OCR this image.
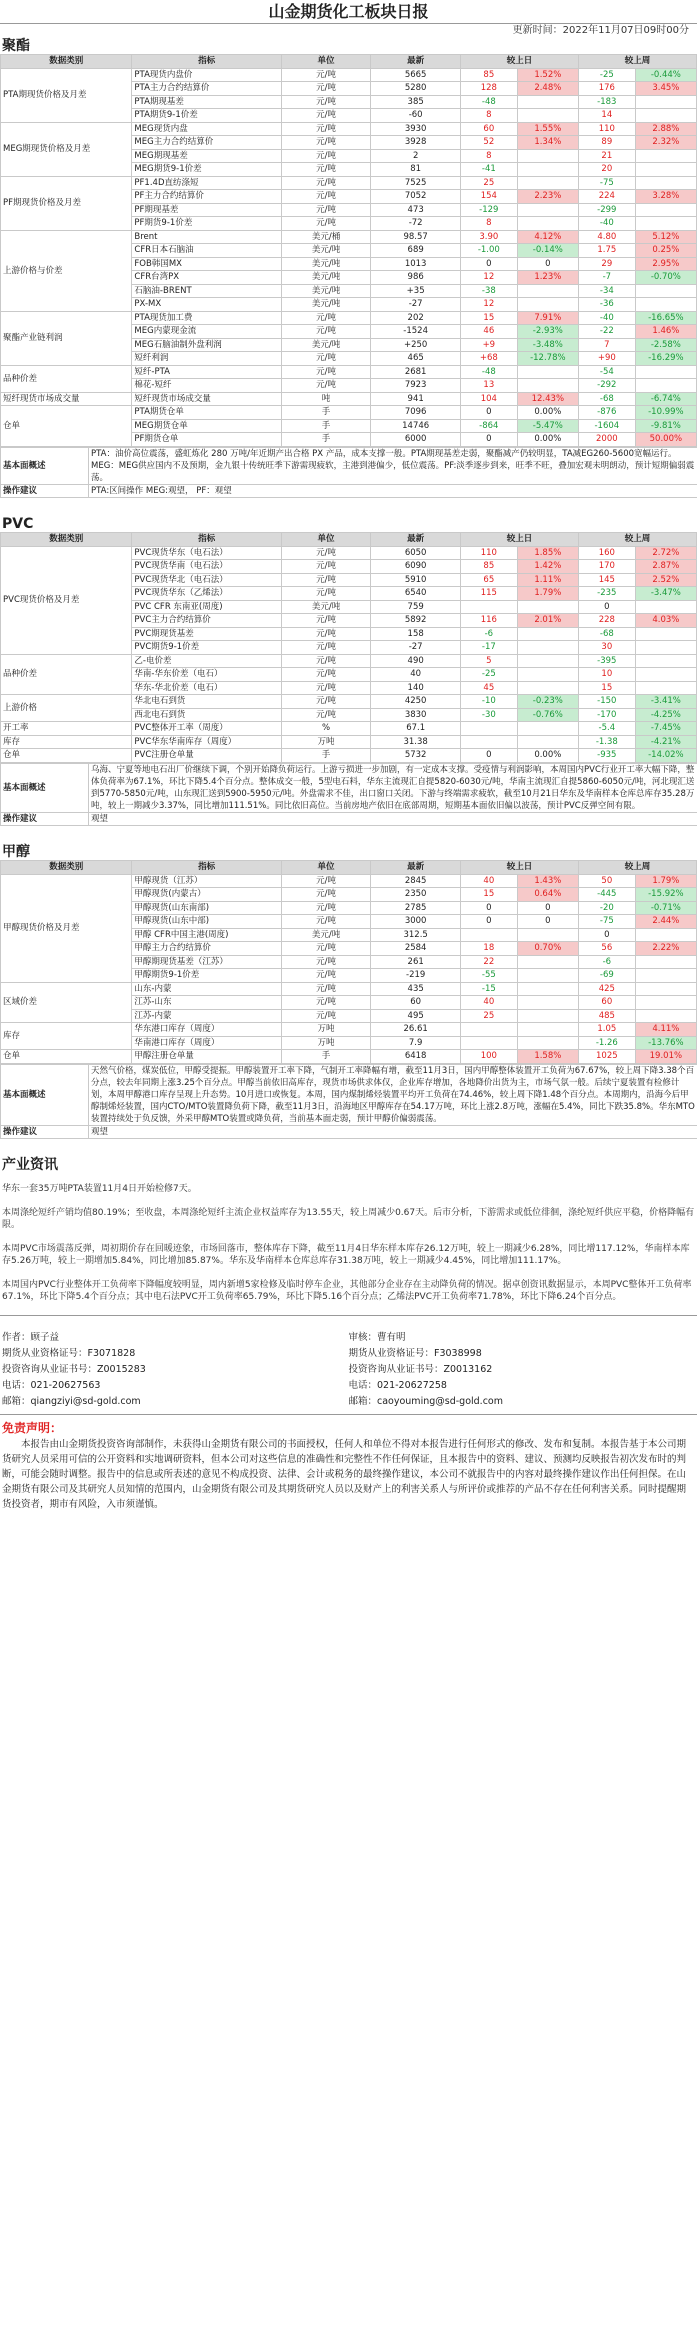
山金期货化工板块日报
更新时间：2022年11月07日09时00分
聚酯
数据类别	指标	单位	最新	较上日		较上周	
PTA期现货价格及月差	PTA现货内盘价	元/吨	5665	85	1.52%	-25	-0.44%
	PTA主力合约结算价	元/吨	5280	128	2.48%	176	3.45%
	PTA期现基差	元/吨	385	-48		-183	
	PTA期货9-1价差	元/吨	-60	8		14	
MEG期现货价格及月差	MEG现货内盘	元/吨	3930	60	1.55%	110	2.88%
	MEG主力合约结算价	元/吨	3928	52	1.34%	89	2.32%
	MEG期现基差	元/吨	2	8		21	
	MEG期货9-1价差	元/吨	81	-41		20	
PF期现货价格及月差	PF1.4D直纺涤短	元/吨	7525	25		-75	
	PF主力合约结算价	元/吨	7052	154	2.23%	224	3.28%
	PF期现基差	元/吨	473	-129		-299	
	PF期货9-1价差	元/吨	-72	8		-40	
上游价格与价差	Brent	美元/桶	98.57	3.90	4.12%	4.80	5.12%
	CFR日本石脑油	美元/吨	689	-1.00	-0.14%	1.75	0.25%
	FOB韩国MX	美元/吨	1013	0	0	29	2.95%
	CFR台湾PX	美元/吨	986	12	1.23%	-7	-0.70%
	石脑油-BRENT	美元/吨	+35	-38		-34	
	PX-MX	美元/吨	-27	12		-36	
聚酯产业链利润	PTA现货加工费	元/吨	202	15	7.91%	-40	-16.65%
	MEG内蒙现金流	元/吨	-1524	46	-2.93%	-22	1.46%
	MEG石脑油制外盘利润	美元/吨	+250	+9	-3.48%	7	-2.58%
	短纤利润	元/吨	465	+68	-12.78%	+90	-16.29%
品种价差	短纤-PTA	元/吨	2681	-48		-54	
	棉花-短纤	元/吨	7923	13		-292	
短纤现货市场成交量	短纤现货市场成交量	吨	941	104	12.43%	-68	-6.74%
仓单	PTA期货仓单	手	7096	0	0.00%	-876	-10.99%
	MEG期货仓单	手	14746	-864	-5.47%	-1604	-9.81%
	PF期货仓单	手	6000	0	0.00%	2000	50.00%
基本面概述	PTA：油价高位震荡，盛虹炼化 280 万吨/年近期产出合格 PX 产品，成本支撑一般。PTA期现基差走弱，聚酯减产仍较明显，TA减EG260-5600宽幅运行。MEG：MEG供应国内不及预期，金九银十传统旺季下游需现疲软，主港到港偏少，低位震荡。PF:淡季逐步到来，旺季不旺，叠加宏观未明朗动，预计短期偏弱震荡。
操作建议	PTA:区间操作 MEG:观望， PF：观望
PVC
数据类别	指标	单位	最新	较上日		较上周	
PVC现货价格及月差	PVC现货华东（电石法）	元/吨	6050	110	1.85%	160	2.72%
	PVC现货华南（电石法）	元/吨	6090	85	1.42%	170	2.87%
	PVC现货华北（电石法）	元/吨	5910	65	1.11%	145	2.52%
	PVC现货华东（乙烯法）	元/吨	6540	115	1.79%	-235	-3.47%
	PVC CFR 东南亚(周度)	美元/吨	759			0	
	PVC主力合约结算价	元/吨	5892	116	2.01%	228	4.03%
	PVC期现货基差	元/吨	158	-6		-68	
	PVC期货9-1价差	元/吨	-27	-17		30	
品种价差	乙-电价差	元/吨	490	5		-395	
	华南-华东价差（电石）	元/吨	40	-25		10	
	华东-华北价差（电石）	元/吨	140	45		15	
上游价格	华北电石到货	元/吨	4250	-10	-0.23%	-150	-3.41%
	西北电石到货	元/吨	3830	-30	-0.76%	-170	-4.25%
开工率	PVC整体开工率（周度）	%	67.1			-5.4	-7.45%
库存	PVC华东华南库存（周度）	万吨	31.38			-1.38	-4.21%
仓单	PVC注册仓单量	手	5732	0	0.00%	-935	-14.02%
基本面概述	乌海、宁夏等地电石出厂价继续下调，个别开始降负荷运行。上游亏损进一步加剧，有一定成本支撑。受疫情与利润影响，本周国内PVC行业开工率大幅下降，整体负荷率为67.1%，环比下降5.4个百分点。整体成交一般，5型电石料，华东主流现汇自提5820-6030元/吨，华南主流现汇自提5860-6050元/吨，河北现汇送到5770-5850元/吨，山东现汇送到5900-5950元/吨。外盘需求不佳，出口窗口关闭。下游与终端需求疲软，截至10月21日华东及华南样本仓库总库存35.28万吨，较上一期减少3.37%，同比增加111.51%。同比依旧高位。当前房地产依旧在底部周期，短期基本面依旧偏以波荡，预计PVC反弹空间有限。
操作建议	观望
甲醇
数据类别	指标	单位	最新	较上日		较上周	
甲醇现货价格及月差	甲醇现货（江苏）	元/吨	2845	40	1.43%	50	1.79%
	甲醇现货(内蒙古）	元/吨	2350	15	0.64%	-445	-15.92%
	甲醇现货(山东南部)	元/吨	2785	0	0	-20	-0.71%
	甲醇现货(山东中部)	元/吨	3000	0	0	-75	2.44%
	甲醇 CFR中国主港(周度)	美元/吨	312.5			0	
	甲醇主力合约结算价	元/吨	2584	18	0.70%	56	2.22%
	甲醇期现货基差（江苏）	元/吨	261	22		-6	
	甲醇期货9-1价差	元/吨	-219	-55		-69	
区域价差	山东-内蒙	元/吨	435	-15		425	
	江苏-山东	元/吨	60	40		60	
	江苏-内蒙	元/吨	495	25		485	
库存	华东港口库存（周度）	万吨	26.61			1.05	4.11%
	华南港口库存（周度）	万吨	7.9			-1.26	-13.76%
仓单	甲醇注册仓单量	手	6418	100	1.58%	1025	19.01%
基本面概述	天然气价格，煤炭低位，甲醇受提振。甲醇装置开工率下降，气制开工率降幅有增，截至11月3日，国内甲醇整体装置开工负荷为67.67%，较上周下降3.38个百分点，较去年同期上涨3.25个百分点。甲醇当前依旧高库存，现货市场供求体仅，企业库存增加，各地降价出货为主，市场气氛一般。后续宁夏装置有检修计划，本周甲醇港口库存呈现上升态势。10月进口或恢复。本周，国内煤制烯烃装置平均开工负荷在74.46%，较上周下降1.48个百分点。本周期内，沿海今后甲醇制烯烃装置，国内CTO/MTO装置降负荷下降，截至11月3日，沿海地区甲醇库存在54.17万吨，环比上涨2.8万吨，涨幅在5.4%，同比下跌35.8%。华东MTO装置持续处于负反馈，外采甲醇MTO装置或降负荷，当前基本面走弱，预计甲醇价偏弱震荡。
操作建议	观望
产业资讯

华东一套35万吨PTA装置11月4日开始检修7天。

本周涤纶短纤产销均值80.19%；至收盘，本周涤纶短纤主流企业权益库存为13.55天，较上周减少0.67天。后市分析，下游需求或低位徘徊，涤纶短纤供应平稳，价格降幅有限。

本周PVC市场震荡反弹，周初期价存在回暖迹象，市场回落市，整体库存下降，截至11月4日华东样本库存26.12万吨，较上一期减少6.28%，同比增117.12%，华南样本库存5.26万吨，较上一期增加5.84%，同比增加85.87%。华东及华南样本仓库总库存31.38万吨，较上一期减少4.45%，同比增加111.17%。

本周国内PVC行业整体开工负荷率下降幅度较明显，周内新增5家检修及临时停车企业，其他部分企业存在主动降负荷的情况。据卓创资讯数据显示，本周PVC整体开工负荷率67.1%，环比下降5.4个百分点；其中电石法PVC开工负荷率65.79%，环比下降5.16个百分点；乙烯法PVC开工负荷率71.78%，环比下降6.24个百分点。

作者：顾子益
期货从业资格证号：F3071828
投资咨询从业证书号：Z0015283
电话：021-20627563
邮箱：qiangziyi@sd-gold.com
审核：曹有明
期货从业资格证号：F3038998
投资咨询从业证书号：Z0013162
电话：021-20627258
邮箱：caoyouming@sd-gold.com
免责声明：
本报告由山金期货投资咨询部制作，未获得山金期货有限公司的书面授权，任何人和单位不得对本报告进行任何形式的修改、发布和复制。本报告基于本公司期货研究人员采用可信的公开资料和实地调研资料，但本公司对这些信息的准确性和完整性不作任何保证，且本报告中的资料、建议、预测均反映报告初次发布时的判断，可能会随时调整。报告中的信息或所表述的意见不构成投资、法律、会计或税务的最终操作建议，本公司不就报告中的内容对最终操作建议作出任何担保。在山金期货有限公司及其研究人员知情的范围内，山金期货有限公司及其期货研究人员以及财产上的利害关系人与所评价或推荐的产品不存在任何利害关系。同时提醒期货投资者，期市有风险，入市须谨慎。
